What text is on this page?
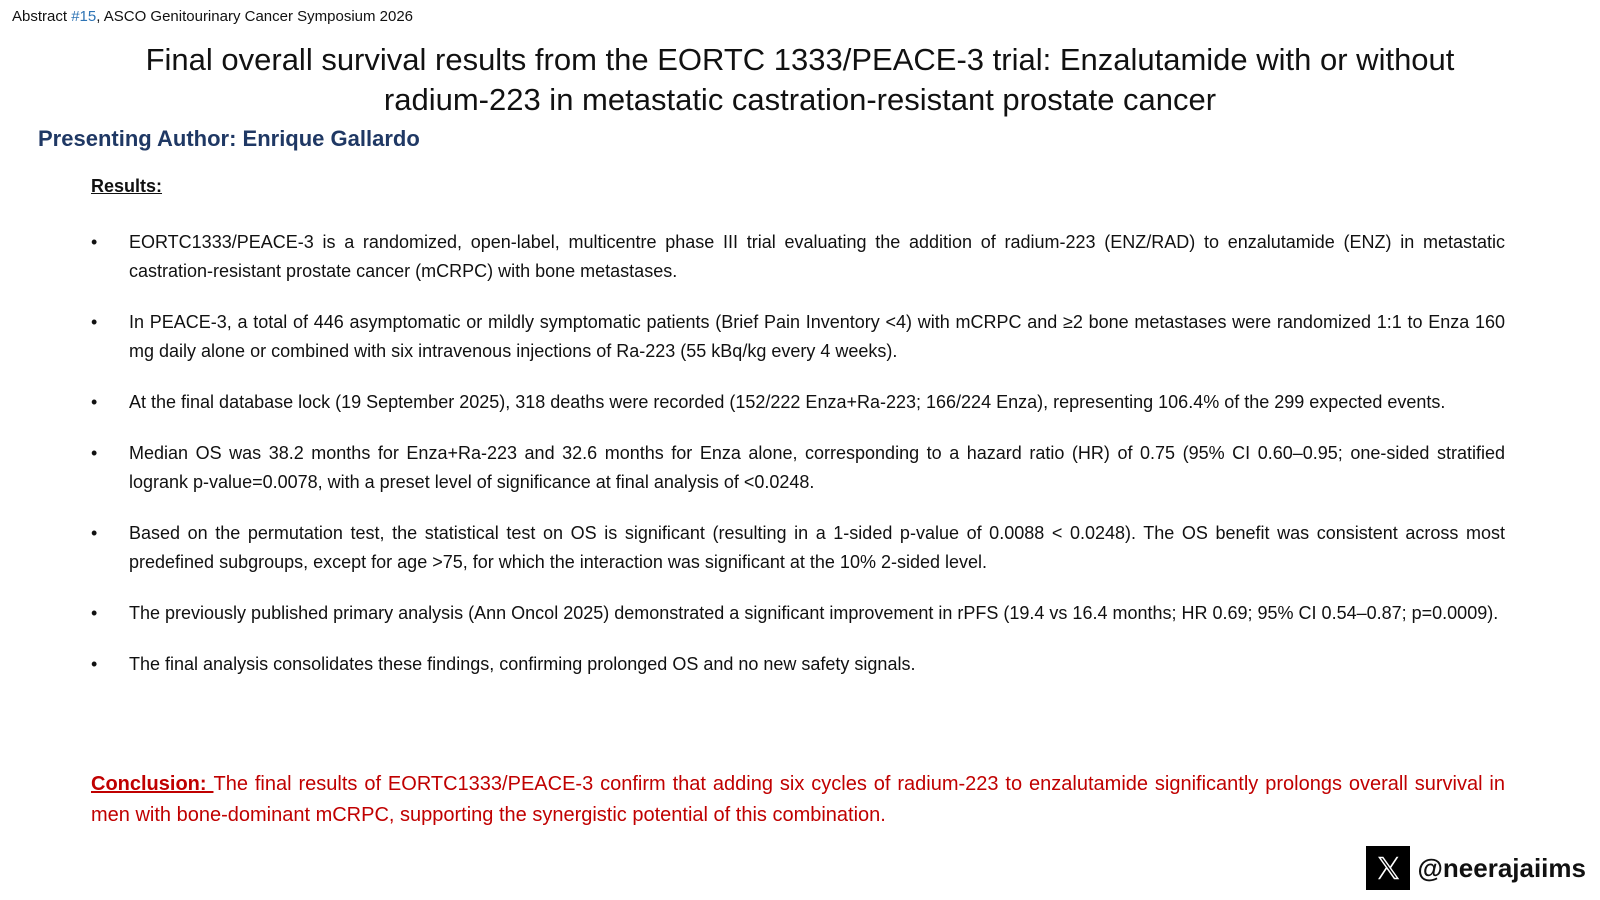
Abstract #15, ASCO Genitourinary Cancer Symposium 2026
Final overall survival results from the EORTC 1333/PEACE-3 trial: Enzalutamide with or without
radium-223 in metastatic castration-resistant prostate cancer
Presenting Author: Enrique Gallardo
Results:
•	EORTC1333/PEACE-3 is a randomized, open-label, multicentre phase III trial evaluating the addition of radium-223 (ENZ/RAD) to enzalutamide (ENZ) in metastatic castration-resistant prostate cancer (mCRPC) with bone metastases.
•	In PEACE-3, a total of 446 asymptomatic or mildly symptomatic patients (Brief Pain Inventory <4) with mCRPC and ≥2 bone metastases were randomized 1:1 to Enza 160 mg daily alone or combined with six intravenous injections of Ra-223 (55 kBq/kg every 4 weeks).
•	At the final database lock (19 September 2025), 318 deaths were recorded (152/222 Enza+Ra-223; 166/224 Enza), representing 106.4% of the 299 expected events.
•	Median OS was 38.2 months for Enza+Ra-223 and 32.6 months for Enza alone, corresponding to a hazard ratio (HR) of 0.75 (95% CI 0.60–0.95; one-sided stratified logrank p-value=0.0078, with a preset level of significance at final analysis of <0.0248.
•	Based on the permutation test, the statistical test on OS is significant (resulting in a 1-sided p-value of 0.0088 < 0.0248). The OS benefit was consistent across most predefined subgroups, except for age >75, for which the interaction was significant at the 10% 2-sided level.
•	The previously published primary analysis (Ann Oncol 2025) demonstrated a significant improvement in rPFS (19.4 vs 16.4 months; HR 0.69; 95% CI 0.54–0.87; p=0.0009).
•	The final analysis consolidates these findings, confirming prolonged OS and no new safety signals.
Conclusion: The final results of EORTC1333/PEACE-3 confirm that adding six cycles of radium-223 to enzalutamide significantly prolongs overall survival in men with bone-dominant mCRPC, supporting the synergistic potential of this combination.
@neerajaiims
